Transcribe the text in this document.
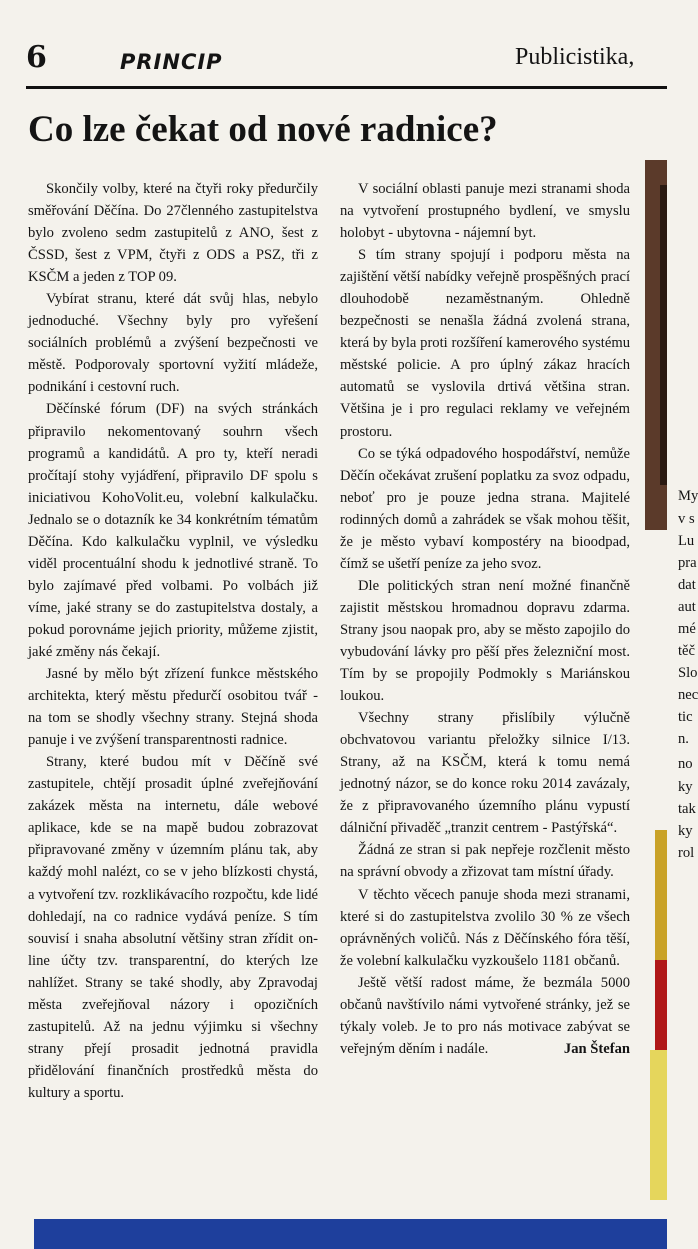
6	PRINCIP	Publicistika,
Co lze čekat od nové radnice?

Skončily volby, které na čtyři roky předurčily směřování Děčína. Do 27členného zastupitelstva bylo zvoleno sedm zastupitelů z ANO, šest z ČSSD, šest z VPM, čtyři z ODS a PSZ, tři z KSČM a jeden z TOP 09.

Vybírat stranu, které dát svůj hlas, nebylo jednoduché. Všechny byly pro vyřešení sociálních problémů a zvýšení bezpečnosti ve městě. Podporovaly sportovní vyžití mládeže, podnikání i cestovní ruch.

Děčínské fórum (DF) na svých stránkách připravilo nekomentovaný souhrn všech programů a kandidátů. A pro ty, kteří neradi pročítají stohy vyjádření, připravilo DF spolu s iniciativou KohoVolit.eu, volební kalkulačku. Jednalo se o dotazník ke 34 konkrétním tématům Děčína. Kdo kalkulačku vyplnil, ve výsledku viděl procentuální shodu k jednotlivé straně. To bylo zajímavé před volbami. Po volbách již víme, jaké strany se do zastupitelstva dostaly, a pokud porovnáme jejich priority, můžeme zjistit, jaké změny nás čekají.

Jasné by mělo být zřízení funkce městského architekta, který městu předurčí osobitou tvář - na tom se shodly všechny strany. Stejná shoda panuje i ve zvýšení transparentnosti radnice.

Strany, které budou mít v Děčíně své zastupitele, chtějí prosadit úplné zveřejňování zakázek města na internetu, dále webové aplikace, kde se na mapě budou zobrazovat připravované změny v územním plánu tak, aby každý mohl nalézt, co se v jeho blízkosti chystá, a vytvoření tzv. rozklikávacího rozpočtu, kde lidé dohledají, na co radnice vydává peníze. S tím souvisí i snaha absolutní většiny stran zřídit on-line účty tzv. transparentní, do kterých lze nahlížet. Strany se také shodly, aby Zpravodaj města zveřejňoval názory i opozičních zastupitelů. Až na jednu výjimku si všechny strany přejí prosadit jednotná pravidla přidělování finančních prostředků města do kultury a sportu.

V sociální oblasti panuje mezi stranami shoda na vytvoření prostupného bydlení, ve smyslu holobyt - ubytovna - nájemní byt.

S tím strany spojují i podporu města na zajištění větší nabídky veřejně prospěšných prací dlouhodobě nezaměstnaným. Ohledně bezpečnosti se nenašla žádná zvolená strana, která by byla proti rozšíření kamerového systému městské policie. A pro úplný zákaz hracích automatů se vyslovila drtivá většina stran. Většina je i pro regulaci reklamy ve veřejném prostoru.

Co se týká odpadového hospodářství, nemůže Děčín očekávat zrušení poplatku za svoz odpadu, neboť pro je pouze jedna strana. Majitelé rodinných domů a zahrádek se však mohou těšit, že je město vybaví kompostéry na bioodpad, čímž se ušetří peníze za jeho svoz.

Dle politických stran není možné finančně zajistit městskou hromadnou dopravu zdarma. Strany jsou naopak pro, aby se město zapojilo do vybudování lávky pro pěší přes železniční most. Tím by se propojily Podmokly s Mariánskou loukou.

Všechny strany přislíbily výlučně obchvatovou variantu přeložky silnice I/13. Strany, až na KSČM, která k tomu nemá jednotný názor, se do konce roku 2014 zavázaly, že z připravovaného územního plánu vypustí dálniční přivaděč „tranzit centrem - Pastýřská“.

Žádná ze stran si pak nepřeje rozčlenit město na správní obvody a zřizovat tam místní úřady.

V těchto věcech panuje shoda mezi stranami, které si do zastupitelstva zvolilo 30 % ze všech oprávněných voličů. Nás z Děčínského fóra těší, že volební kalkulačku vyzkoušelo 1181 občanů.

Ještě větší radost máme, že bezmála 5000 občanů navštívilo námi vytvořené stránky, jež se týkaly voleb. Je to pro nás motivace zabývat se veřejným děním i nadále.	Jan Štefan

My
v s
Lu
pra
dat
aut
mé
těč
Slo
nec
tic
n.
no
ky
tak
ky
rol
